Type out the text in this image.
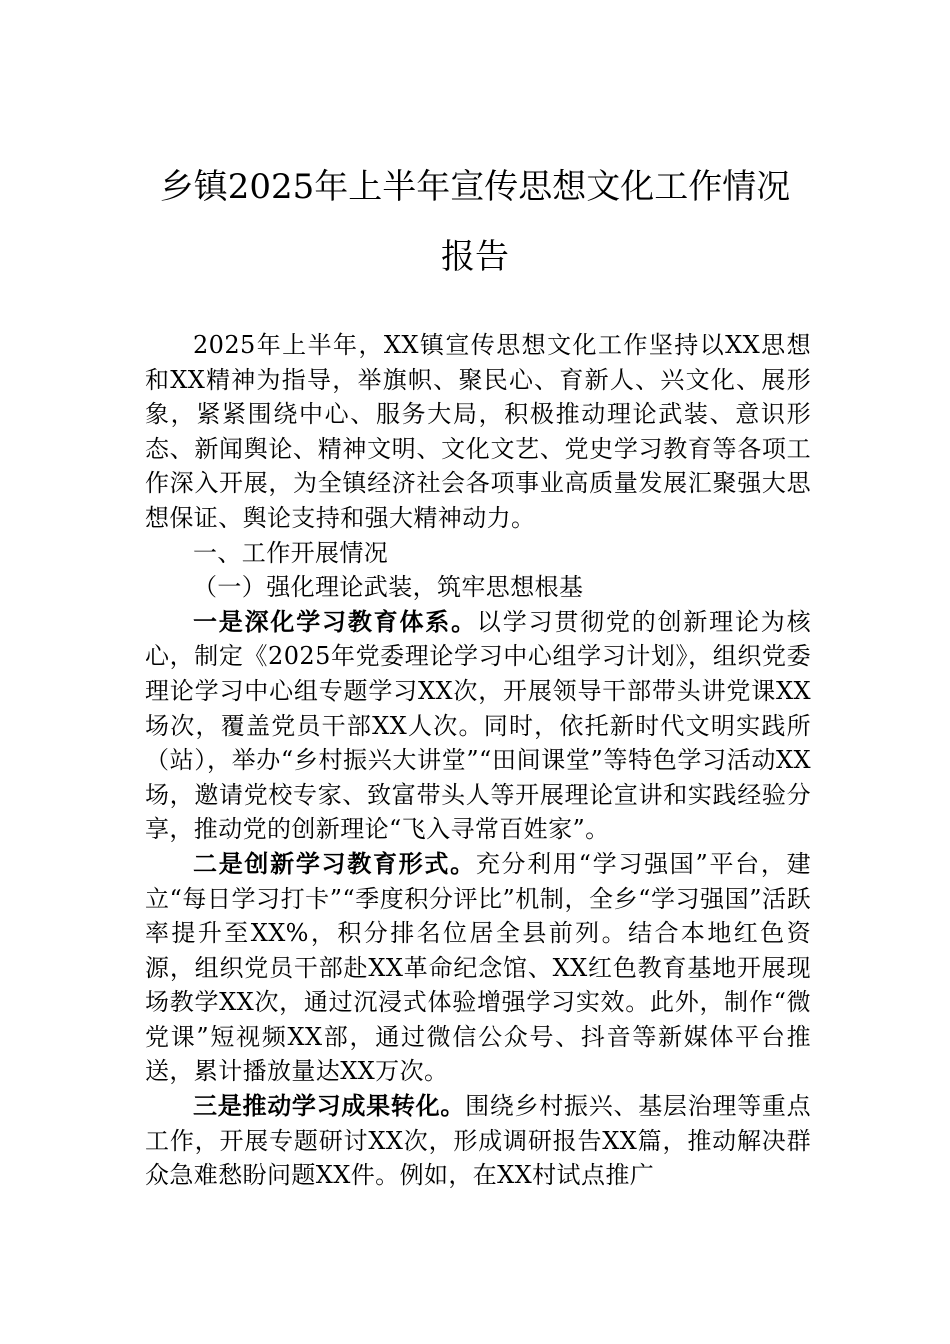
乡镇2025年上半年宣传思想文化工作情况
报告

2025年上半年，XX镇宣传思想文化工作坚持以XX思想和XX精神为指导，举旗帜、聚民心、育新人、兴文化、展形象，紧紧围绕中心、服务大局，积极推动理论武装、意识形态、新闻舆论、精神文明、文化文艺、党史学习教育等各项工作深入开展，为全镇经济社会各项事业高质量发展汇聚强大思想保证、舆论支持和强大精神动力。

一、工作开展情况

（一）强化理论武装，筑牢思想根基

一是深化学习教育体系。以学习贯彻党的创新理论为核心，制定《2025年党委理论学习中心组学习计划》，组织党委理论学习中心组专题学习XX次，开展领导干部带头讲党课XX场次，覆盖党员干部XX人次。同时，依托新时代文明实践所（站），举办“乡村振兴大讲堂”“田间课堂”等特色学习活动XX场，邀请党校专家、致富带头人等开展理论宣讲和实践经验分享，推动党的创新理论“飞入寻常百姓家”。

二是创新学习教育形式。充分利用“学习强国”平台，建立“每日学习打卡”“季度积分评比”机制，全乡“学习强国”活跃率提升至XX%，积分排名位居全县前列。结合本地红色资源，组织党员干部赴XX革命纪念馆、XX红色教育基地开展现场教学XX次，通过沉浸式体验增强学习实效。此外，制作“微党课”短视频XX部，通过微信公众号、抖音等新媒体平台推送，累计播放量达XX万次。

三是推动学习成果转化。围绕乡村振兴、基层治理等重点工作，开展专题研讨XX次，形成调研报告XX篇，推动解决群众急难愁盼问题XX件。例如，在XX村试点推广
